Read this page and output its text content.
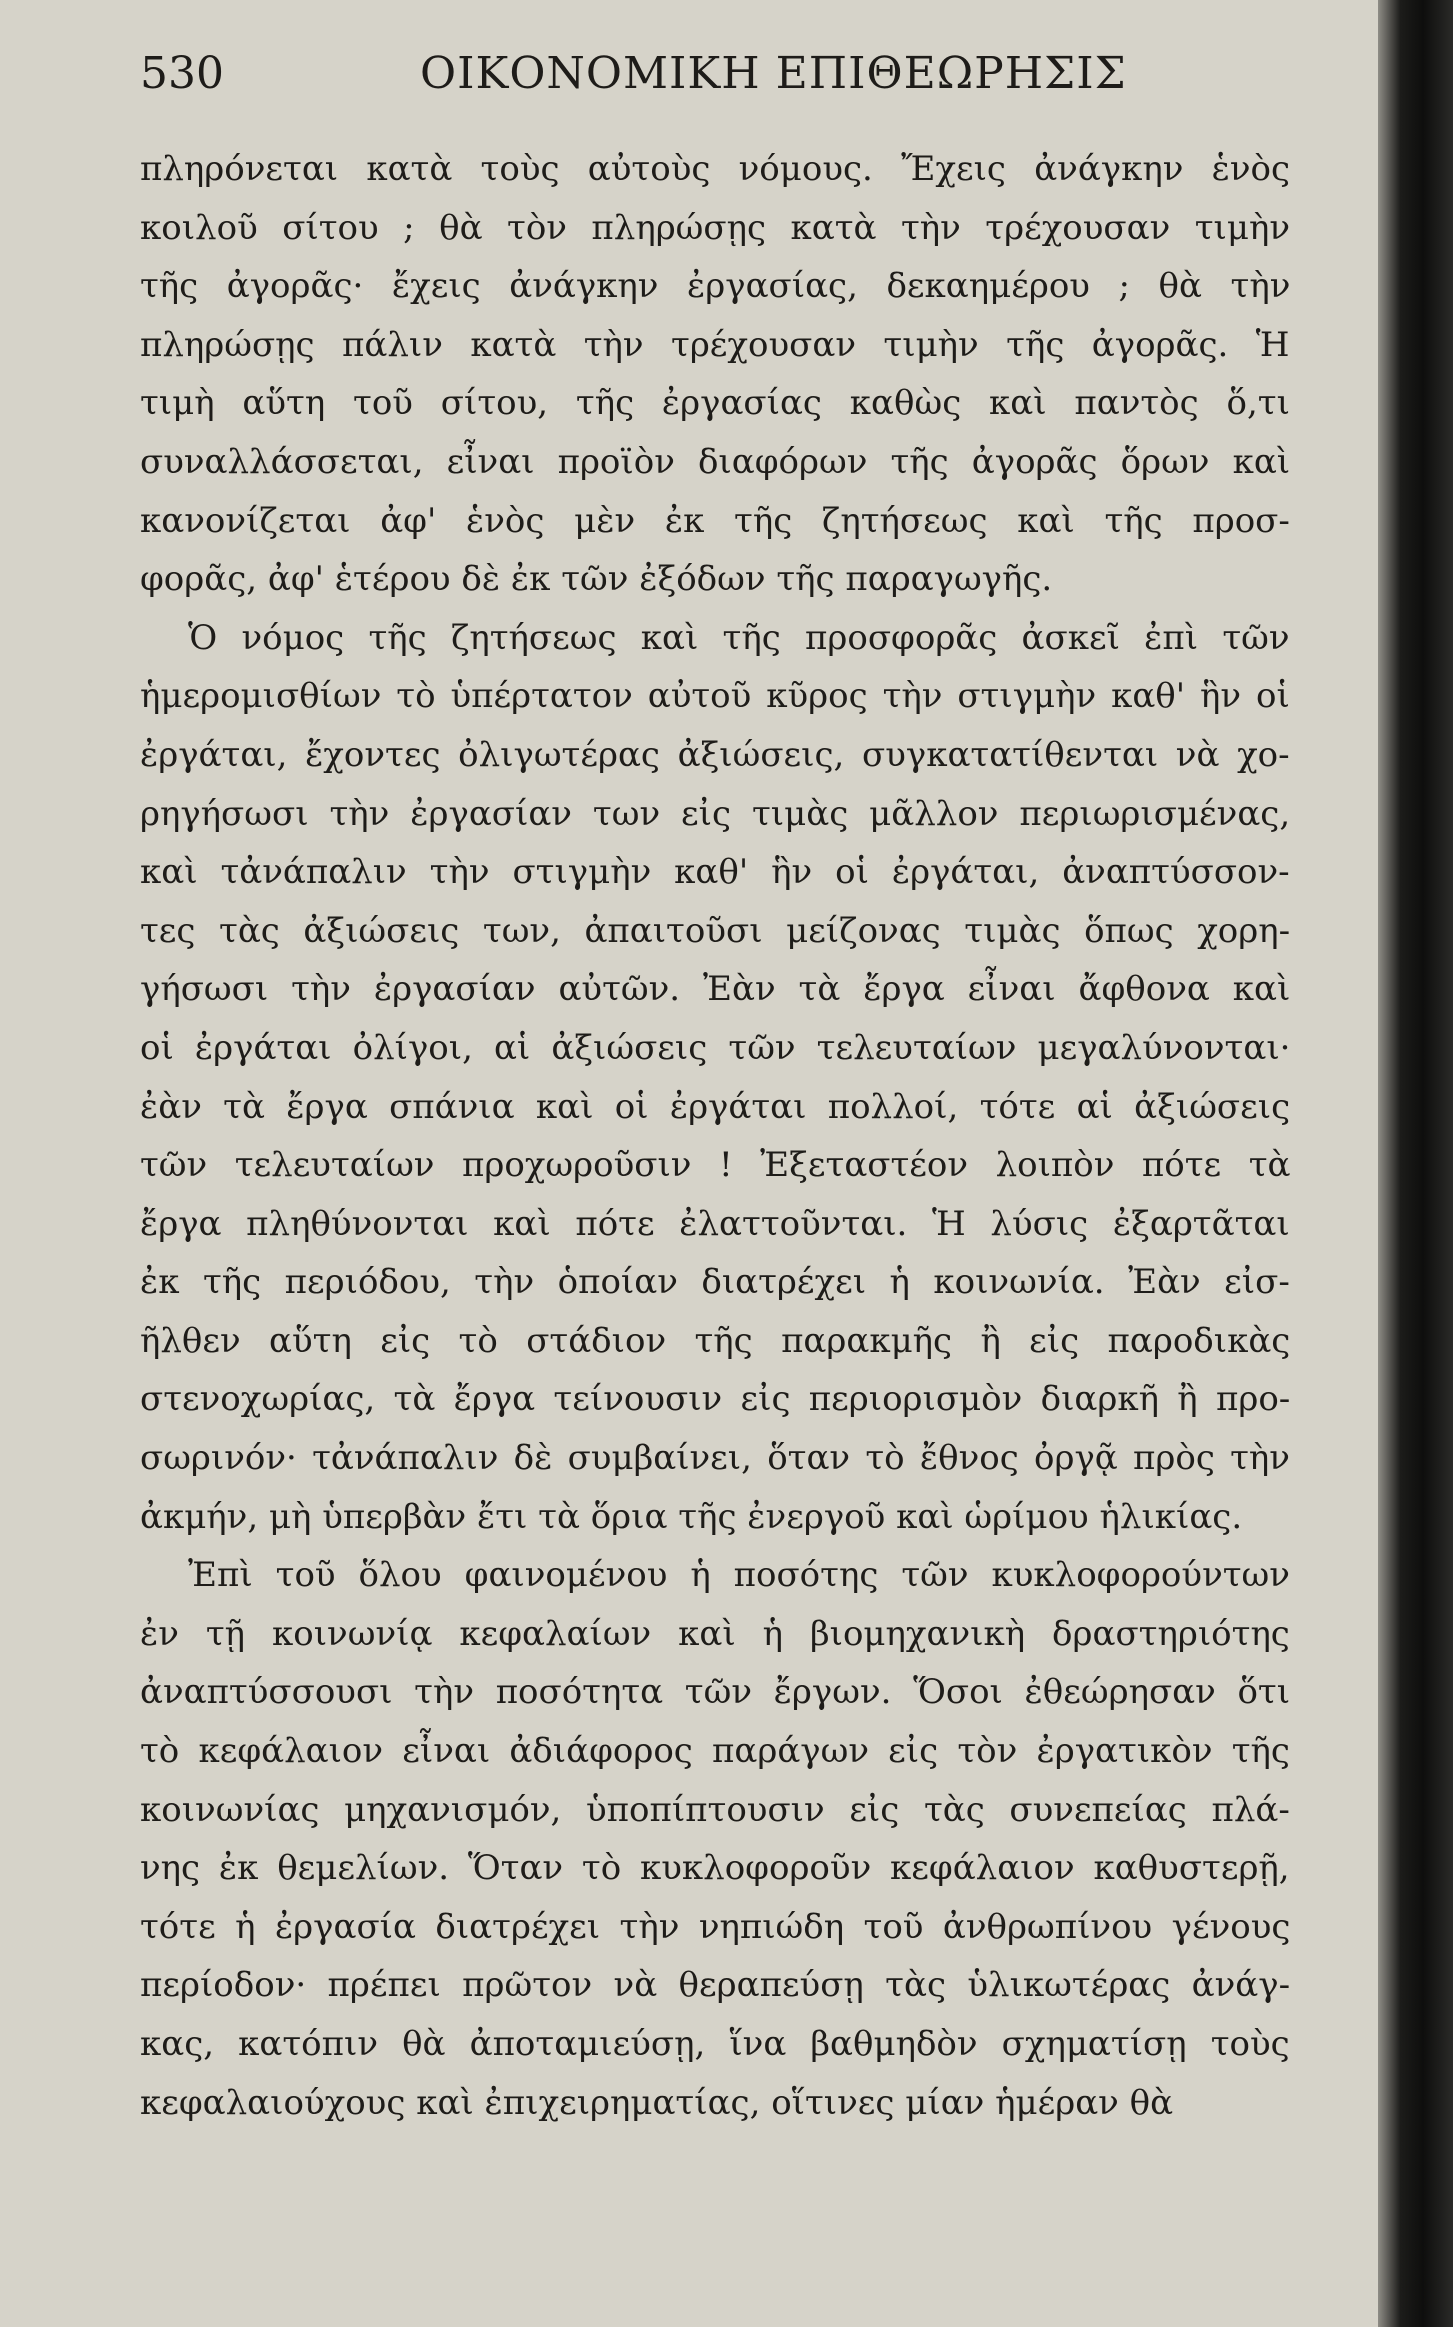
530	ΟΙΚΟΝΟΜΙΚΗ ΕΠΙΘΕΩΡΗΣΙΣ
πληρόνεται κατὰ τοὺς αὐτοὺς νόμους. Ἔχεις ἀνάγκην ἑνὸς
κοιλοῦ σίτου ; θὰ τὸν πληρώσῃς κατὰ τὴν τρέχουσαν τιμὴν
τῆς ἀγορᾶς· ἔχεις ἀνάγκην ἐργασίας, δεκαημέρου ; θὰ τὴν
πληρώσῃς πάλιν κατὰ τὴν τρέχουσαν τιμὴν τῆς ἀγορᾶς. Ἡ
τιμὴ αὕτη τοῦ σίτου, τῆς ἐργασίας καθὼς καὶ παντὸς ὅ,τι
συναλλάσσεται, εἶναι προϊὸν διαφόρων τῆς ἀγορᾶς ὅρων καὶ
κανονίζεται ἀφ' ἑνὸς μὲν ἐκ τῆς ζητήσεως καὶ τῆς προσ-
φορᾶς, ἀφ' ἑτέρου δὲ ἐκ τῶν ἐξόδων τῆς παραγωγῆς.
Ὁ νόμος τῆς ζητήσεως καὶ τῆς προσφορᾶς ἀσκεῖ ἐπὶ τῶν
ἡμερομισθίων τὸ ὑπέρτατον αὐτοῦ κῦρος τὴν στιγμὴν καθ' ἣν οἱ
ἐργάται, ἔχοντες ὀλιγωτέρας ἀξιώσεις, συγκατατίθενται νὰ χο-
ρηγήσωσι τὴν ἐργασίαν των εἰς τιμὰς μᾶλλον περιωρισμένας,
καὶ τἀνάπαλιν τὴν στιγμὴν καθ' ἣν οἱ ἐργάται, ἀναπτύσσον-
τες τὰς ἀξιώσεις των, ἀπαιτοῦσι μείζονας τιμὰς ὅπως χορη-
γήσωσι τὴν ἐργασίαν αὐτῶν. Ἐὰν τὰ ἔργα εἶναι ἄφθονα καὶ
οἱ ἐργάται ὀλίγοι, αἱ ἀξιώσεις τῶν τελευταίων μεγαλύνονται·
ἐὰν τὰ ἔργα σπάνια καὶ οἱ ἐργάται πολλοί, τότε αἱ ἀξιώσεις
τῶν τελευταίων προχωροῦσιν ! Ἐξεταστέον λοιπὸν πότε τὰ
ἔργα πληθύνονται καὶ πότε ἐλαττοῦνται. Ἡ λύσις ἐξαρτᾶται
ἐκ τῆς περιόδου, τὴν ὁποίαν διατρέχει ἡ κοινωνία. Ἐὰν εἰσ-
ῆλθεν αὕτη εἰς τὸ στάδιον τῆς παρακμῆς ἢ εἰς παροδικὰς
στενοχωρίας, τὰ ἔργα τείνουσιν εἰς περιορισμὸν διαρκῆ ἢ προ-
σωρινόν· τἀνάπαλιν δὲ συμβαίνει, ὅταν τὸ ἔθνος ὀργᾷ πρὸς τὴν
ἀκμήν, μὴ ὑπερβὰν ἔτι τὰ ὅρια τῆς ἐνεργοῦ καὶ ὡρίμου ἡλικίας.
Ἐπὶ τοῦ ὅλου φαινομένου ἡ ποσότης τῶν κυκλοφορούντων
ἐν τῇ κοινωνίᾳ κεφαλαίων καὶ ἡ βιομηχανικὴ δραστηριότης
ἀναπτύσσουσι τὴν ποσότητα τῶν ἔργων. Ὅσοι ἐθεώρησαν ὅτι
τὸ κεφάλαιον εἶναι ἀδιάφορος παράγων εἰς τὸν ἐργατικὸν τῆς
κοινωνίας μηχανισμόν, ὑποπίπτουσιν εἰς τὰς συνεπείας πλά-
νης ἐκ θεμελίων. Ὅταν τὸ κυκλοφοροῦν κεφάλαιον καθυστερῇ,
τότε ἡ ἐργασία διατρέχει τὴν νηπιώδη τοῦ ἀνθρωπίνου γένους
περίοδον· πρέπει πρῶτον νὰ θεραπεύσῃ τὰς ὑλικωτέρας ἀνάγ-
κας, κατόπιν θὰ ἀποταμιεύσῃ, ἵνα βαθμηδὸν σχηματίσῃ τοὺς
κεφαλαιούχους καὶ ἐπιχειρηματίας, οἵτινες μίαν ἡμέραν θὰ
